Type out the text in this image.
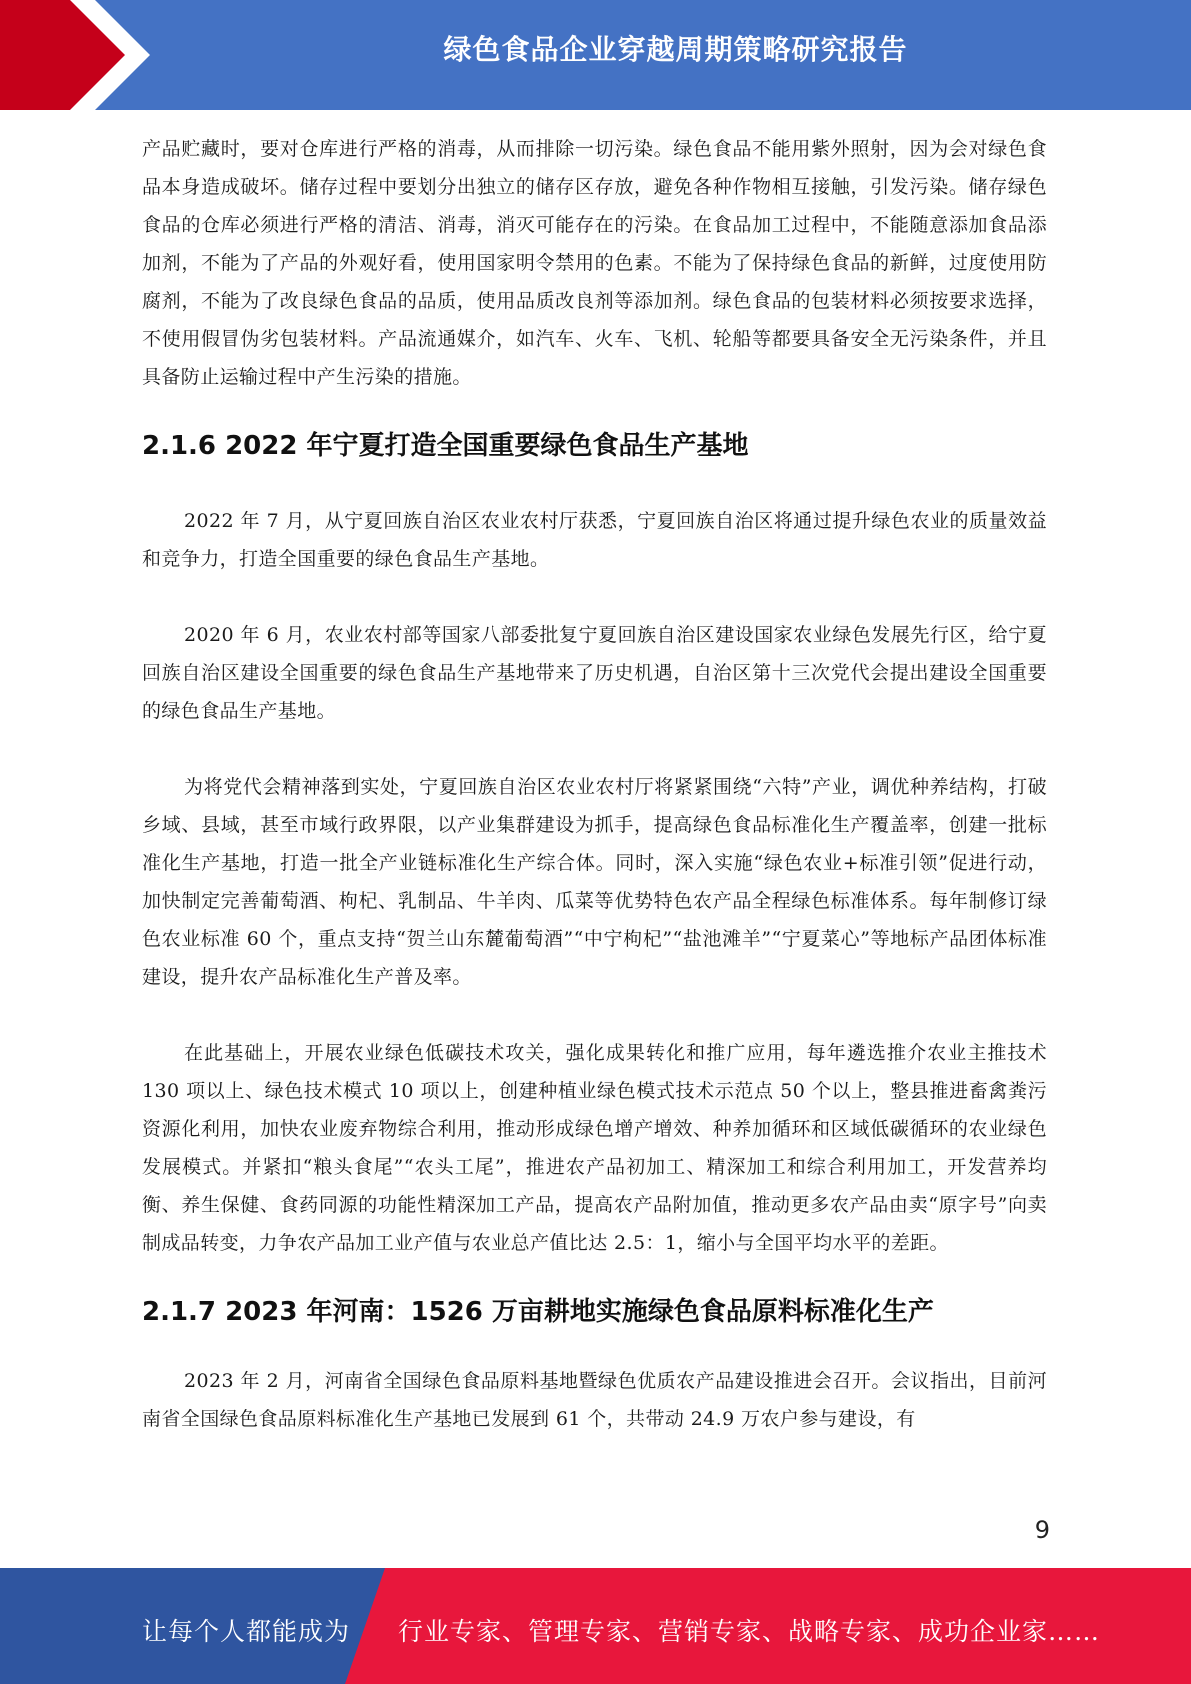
绿色食品企业穿越周期策略研究报告

产品贮藏时，要对仓库进行严格的消毒，从而排除一切污染。绿色食品不能用紫外照射，因为会对绿色食品本身造成破坏。储存过程中要划分出独立的储存区存放，避免各种作物相互接触，引发污染。储存绿色食品的仓库必须进行严格的清洁、消毒，消灭可能存在的污染。在食品加工过程中，不能随意添加食品添加剂，不能为了产品的外观好看，使用国家明令禁用的色素。不能为了保持绿色食品的新鲜，过度使用防腐剂，不能为了改良绿色食品的品质，使用品质改良剂等添加剂。绿色食品的包装材料必须按要求选择，不使用假冒伪劣包装材料。产品流通媒介，如汽车、火车、飞机、轮船等都要具备安全无污染条件，并且具备防止运输过程中产生污染的措施。

2.1.6 2022 年宁夏打造全国重要绿色食品生产基地

2022 年 7 月，从宁夏回族自治区农业农村厅获悉，宁夏回族自治区将通过提升绿色农业的质量效益和竞争力，打造全国重要的绿色食品生产基地。

2020 年 6 月，农业农村部等国家八部委批复宁夏回族自治区建设国家农业绿色发展先行区，给宁夏回族自治区建设全国重要的绿色食品生产基地带来了历史机遇，自治区第十三次党代会提出建设全国重要的绿色食品生产基地。

为将党代会精神落到实处，宁夏回族自治区农业农村厅将紧紧围绕“六特”产业，调优种养结构，打破乡域、县域，甚至市域行政界限，以产业集群建设为抓手，提高绿色食品标准化生产覆盖率，创建一批标准化生产基地，打造一批全产业链标准化生产综合体。同时，深入实施“绿色农业+标准引领”促进行动，加快制定完善葡萄酒、枸杞、乳制品、牛羊肉、瓜菜等优势特色农产品全程绿色标准体系。每年制修订绿色农业标准 60 个，重点支持“贺兰山东麓葡萄酒”“中宁枸杞”“盐池滩羊”“宁夏菜心”等地标产品团体标准建设，提升农产品标准化生产普及率。

在此基础上，开展农业绿色低碳技术攻关，强化成果转化和推广应用，每年遴选推介农业主推技术 130 项以上、绿色技术模式 10 项以上，创建种植业绿色模式技术示范点 50 个以上，整县推进畜禽粪污资源化利用，加快农业废弃物综合利用，推动形成绿色增产增效、种养加循环和区域低碳循环的农业绿色发展模式。并紧扣“粮头食尾”“农头工尾”，推进农产品初加工、精深加工和综合利用加工，开发营养均衡、养生保健、食药同源的功能性精深加工产品，提高农产品附加值，推动更多农产品由卖“原字号”向卖制成品转变，力争农产品加工业产值与农业总产值比达 2.5：1，缩小与全国平均水平的差距。

2.1.7 2023 年河南：1526 万亩耕地实施绿色食品原料标准化生产

2023 年 2 月，河南省全国绿色食品原料基地暨绿色优质农产品建设推进会召开。会议指出，目前河南省全国绿色食品原料标准化生产基地已发展到 61 个，共带动 24.9 万农户参与建设，有

9
让每个人都能成为 行业专家、管理专家、营销专家、战略专家、成功企业家……
